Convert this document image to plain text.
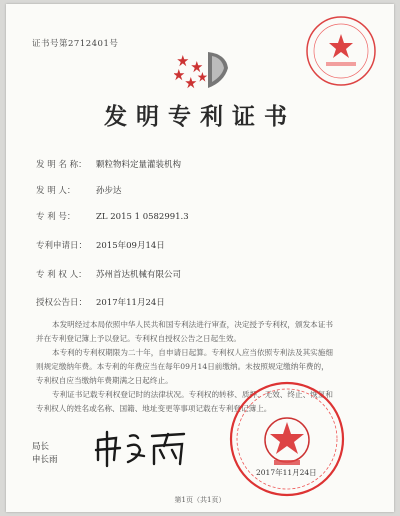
证书号第2712401号
发明专利证书
发 明 名 称： 颗粒物料定量灌装机构
发 明 人： 孙步达
专 利 号： ZL 2015 1 0582991.3
专利申请日： 2015年09月14日
专 利 权 人： 苏州首达机械有限公司
授权公告日： 2017年11月24日

本发明经过本局依照中华人民共和国专利法进行审查，决定授予专利权，颁发本证书

并在专利登记簿上予以登记。专利权自授权公告之日起生效。

本专利的专利权期限为二十年，自申请日起算。专利权人应当依照专利法及其实施细

则规定缴纳年费。本专利的年费应当在每年09月14日前缴纳。未按照规定缴纳年费的，

专利权自应当缴纳年费期满之日起终止。

专利证书记载专利权登记时的法律状况。专利权的转移、质押、无效、终止、恢复和

专利权人的姓名或名称、国籍、地址变更等事项记载在专利登记簿上。

2017年11月24日
局长
申长雨
第1页（共1页）
